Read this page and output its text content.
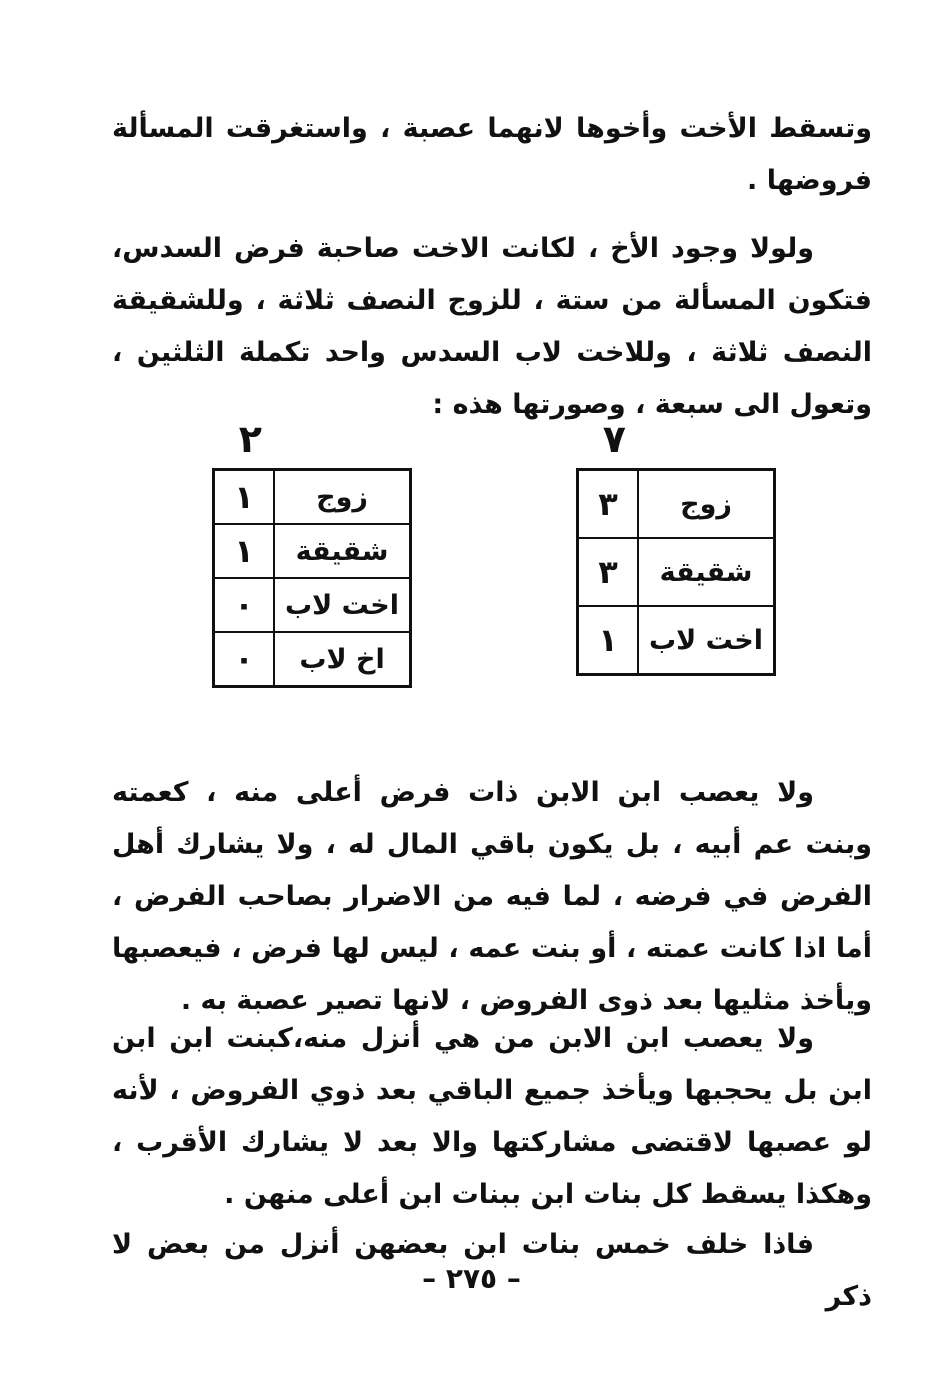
وتسقط الأخت وأخوها لانهما عصبة ، واستغرقت المسألة فروضها .

ولولا وجود الأخ ، لكانت الاخت صاحبة فرض السدس، فتكون المسألة من ستة ، للزوج النصف ثلاثة ، وللشقيقة النصف ثلاثة ، وللاخت لاب السدس واحد تكملة الثلثين ، وتعول الى سبعة ، وصورتها هذه :

٧
زوج	٣
شقيقة	٣
اخت لاب	١
٢
زوج	١
شقيقة	١
اخت لاب	٠
اخ لاب	٠

ولا يعصب ابن الابن ذات فرض أعلى منه ، كعمته وبنت عم أبيه ، بل يكون باقي المال له ، ولا يشارك أهل الفرض في فرضه ، لما فيه من الاضرار بصاحب الفرض ، أما اذا كانت عمته ، أو بنت عمه ، ليس لها فرض ، فيعصبها ويأخذ مثليها بعد ذوى الفروض ، لانها تصير عصبة به .

ولا يعصب ابن الابن من هي أنزل منه،كبنت ابن ابن ابن بل يحجبها ويأخذ جميع الباقي بعد ذوي الفروض ، لأنه لو عصبها لاقتضى مشاركتها والا بعد لا يشارك الأقرب ، وهكذا يسقط كل بنات ابن ببنات ابن أعلى منهن .

فاذا خلف خمس بنات ابن بعضهن أنزل من بعض لا ذكر

– ٢٧٥ –
